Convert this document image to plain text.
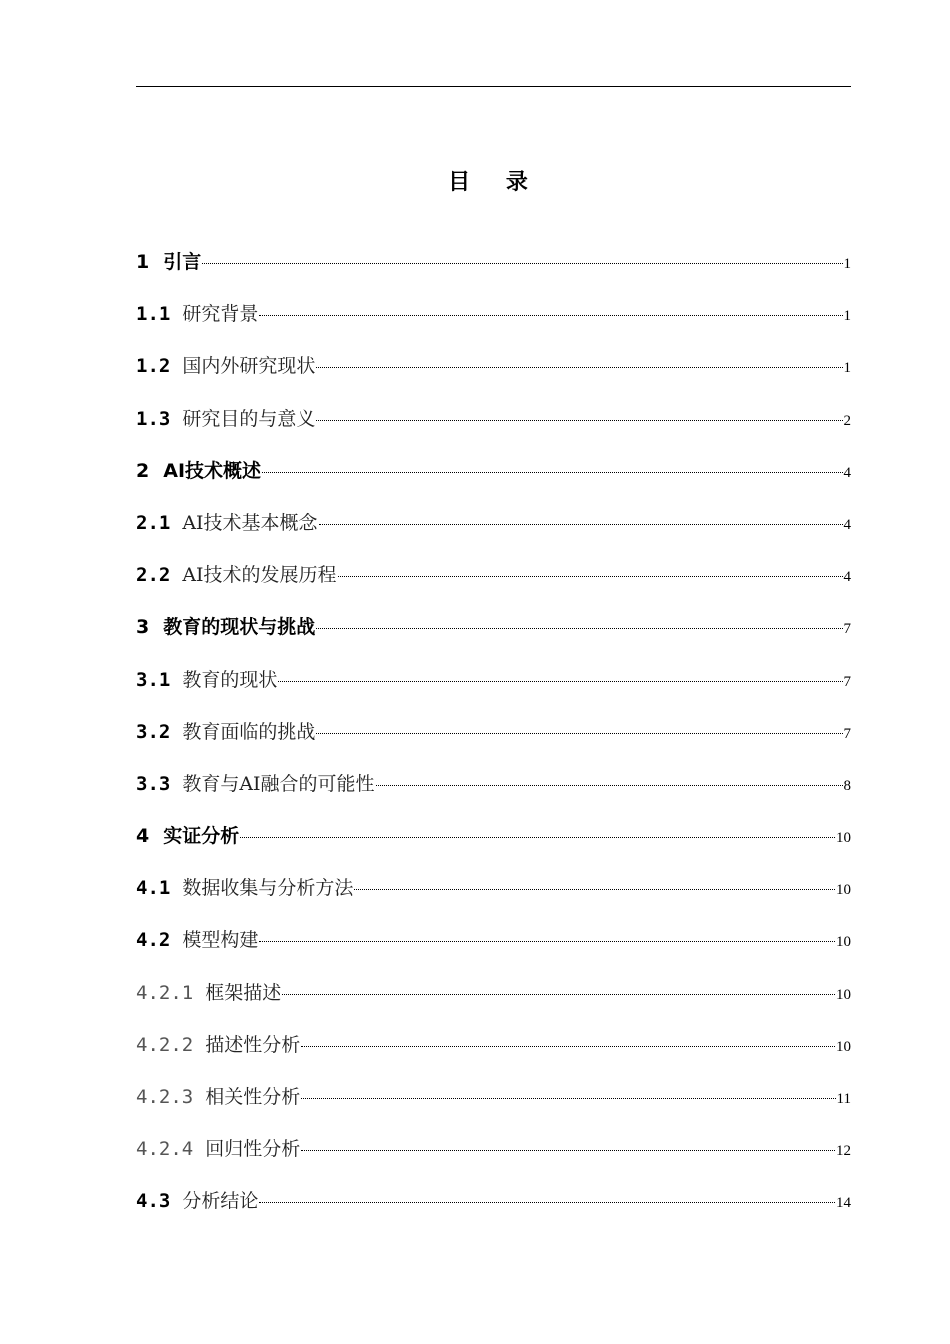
目 录
1 引言	1
1.1 研究背景	1
1.2 国内外研究现状	1
1.3 研究目的与意义	2
2 AI技术概述	4
2.1 AI技术基本概念	4
2.2 AI技术的发展历程	4
3 教育的现状与挑战	7
3.1 教育的现状	7
3.2 教育面临的挑战	7
3.3 教育与AI融合的可能性	8
4 实证分析	10
4.1 数据收集与分析方法	10
4.2 模型构建	10
4.2.1 框架描述	10
4.2.2 描述性分析	10
4.2.3 相关性分析	11
4.2.4 回归性分析	12
4.3 分析结论	14
